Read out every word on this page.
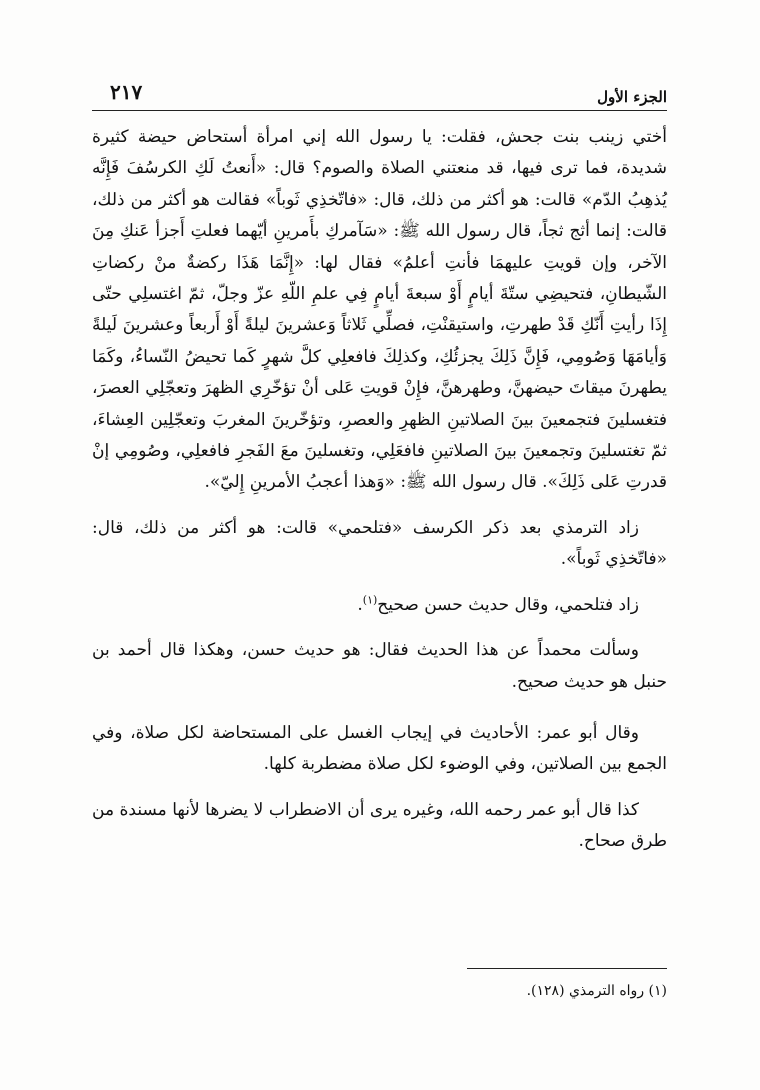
٢١٧	الجزء الأول

أختي زينب بنت جحش، فقلت: يا رسول الله إني امرأة أستحاض حيضة كثيرة شديدة، فما ترى فيها، قد منعتني الصلاة والصوم؟ قال: «أَنعتُ لَكِ الكرسُفَ فَإِنَّه يُذهِبُ الدّم» قالت: هو أكثر من ذلك، قال: «فاتّخذِي ثَوباً» فقالت هو أكثر من ذلك، قالت: إنما أثج ثجاً، قال رسول الله ﷺ: «سَآمركِ بأَمرينِ أيّهما فعلتِ أَجزأ عَنكِ مِنَ الآخر، وإن قويتِ عليهمَا فأنتِ أعلمُ» فقال لها: «إِنَّمَا هَذَا ركضةٌ منْ ركضاتِ الشّيطانِ، فتحيضِي ستّةَ أيامٍ أَوْ سبعةَ أيامٍ فِي علمِ اللّهِ عزّ وجلّ، ثمّ اغتسلِي حتّى إِذَا رأيتِ أَنّكِ قَدْ طهرتِ، واستيقنْتِ، فصلِّي ثَلاثاً وَعشرينَ ليلةً أَوْ أَربعاً وعشرينَ لَيلةً وَأيامَهَا وَصُومِي، فَإِنَّ ذَلِكَ يجزئُكِ، وكذلِكَ فافعلِي كلَّ شهرٍ كَما تحيضُ النّساءُ، وكَمَا يطهرنَ ميقاتَ حيضهنَّ، وطهرهنَّ، فإِنْ قويتِ عَلى أنْ تؤخّرِي الظهرَ وتعجّلِي العصرَ، فتغسلينَ فتجمعينَ بينَ الصلاتينِ الظهرِ والعصرِ، وتؤخّرينَ المغربَ وتعجّلِين العِشاءَ، ثمّ تغتسلينَ وتجمعينَ بينَ الصلاتينِ فافعَلِي، وتغسلينَ معَ الفَجرِ فافعلِي، وصُومِي إنْ قدرتِ عَلى ذَلِكَ». قال رسول الله ﷺ: «وَهذا أعجبُ الأمرينِ إِليّ».

زاد الترمذي بعد ذكر الكرسف «فتلحمي» قالت: هو أكثر من ذلك، قال: «فاتّخذِي ثَوباً».

زاد فتلحمي، وقال حديث حسن صحيح$^{(١)}$.

وسألت محمداً عن هذا الحديث فقال: هو حديث حسن، وهكذا قال أحمد بن حنبل هو حديث صحيح.

وقال أبو عمر: الأحاديث في إيجاب الغسل على المستحاضة لكل صلاة، وفي الجمع بين الصلاتين، وفي الوضوء لكل صلاة مضطربة كلها.

كذا قال أبو عمر رحمه الله، وغيره يرى أن الاضطراب لا يضرها لأنها مسندة من طرق صحاح.

(١) رواه الترمذي (١٢٨).
